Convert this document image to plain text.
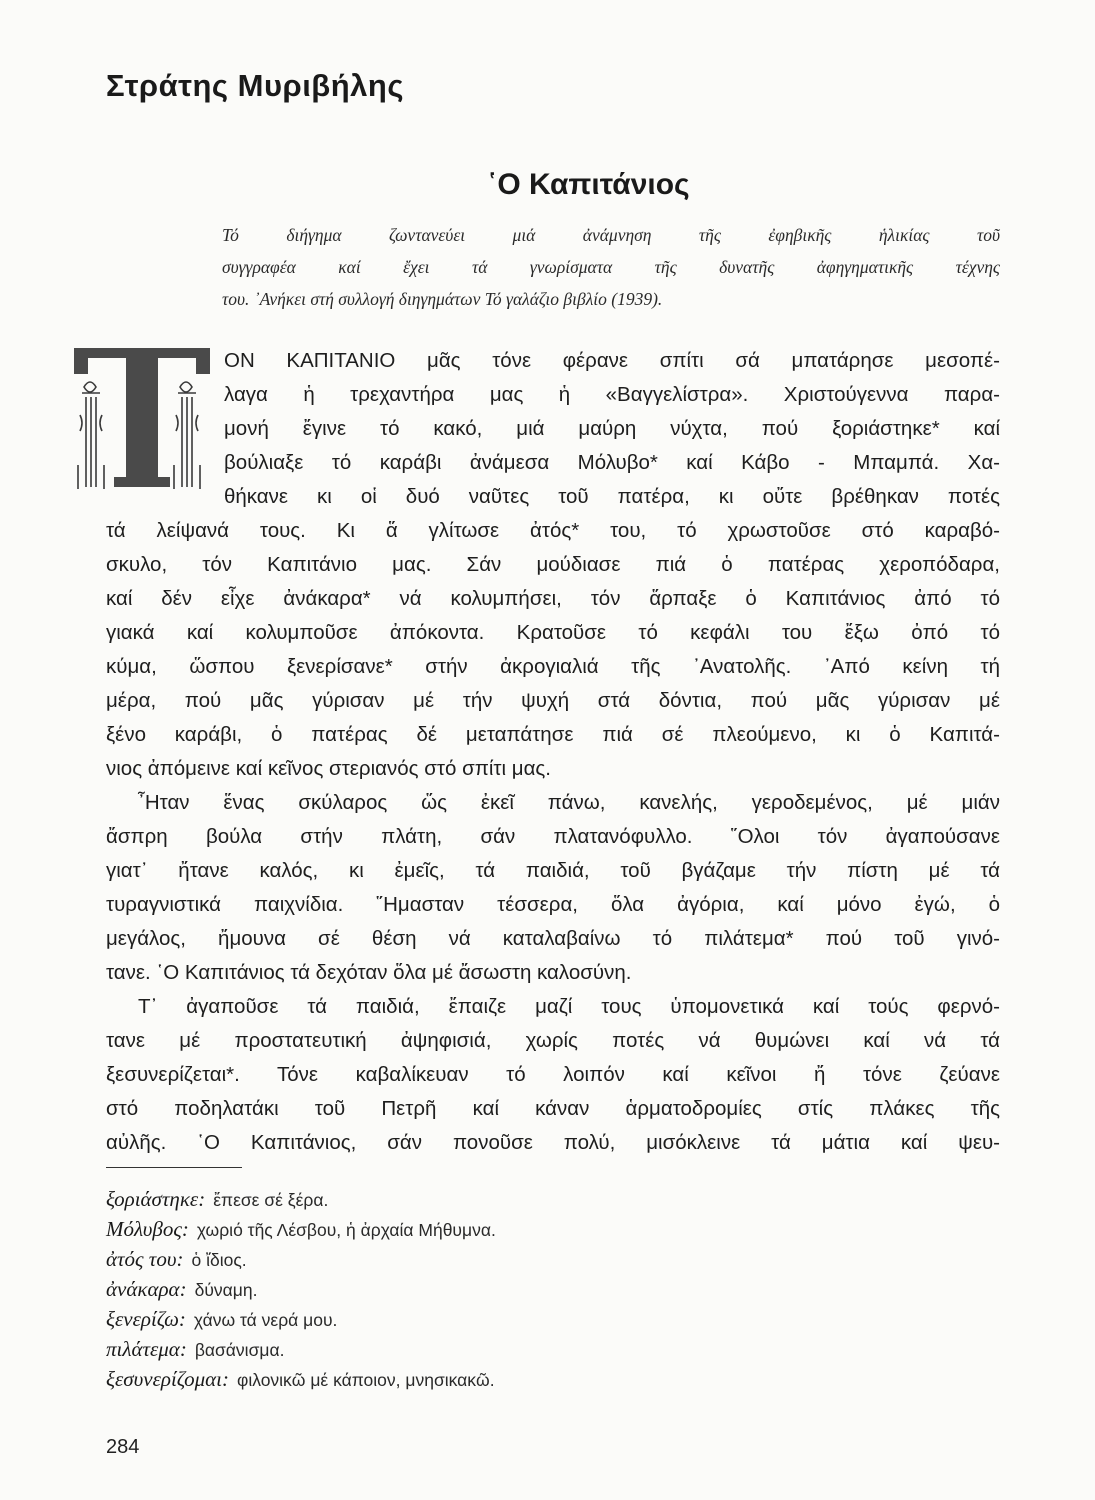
Στράτης Μυριβήλης
῾Ο Καπιτάνιος
Τό διήγημα ζωντανεύει μιά ἀνάμνηση τῆς ἐφηβικῆς ἡλικίας τοῦ
συγγραφέα καί ἔχει τά γνωρίσματα τῆς δυνατῆς ἀφηγηματικῆς τέχνης
του. ᾽Ανήκει στή συλλογή διηγημάτων Τό γαλάζιο βιβλίο (1939).
ΟΝ ΚΑΠΙΤΑΝΙΟ μᾶς τόνε φέρανε σπίτι σά μπατάρησε μεσοπέ-
λαγα ἡ τρεχαντήρα μας ἡ «Βαγγελίστρα». Χριστούγεννα παρα-
μονή ἔγινε τό κακό, μιά μαύρη νύχτα, πού ξοριάστηκε* καί
βούλιαξε τό καράβι ἀνάμεσα Μόλυβο* καί Κάβο - Μπαμπά. Χα-
θήκανε κι οἱ δυό ναῦτες τοῦ πατέρα, κι οὔτε βρέθηκαν ποτές
τά λείψανά τους. Κι ἅ γλίτωσε ἀτός* του, τό χρωστοῦσε στό καραβό-
σκυλο, τόν Καπιτάνιο μας. Σάν μούδιασε πιά ὁ πατέρας χεροπόδαρα,
καί δέν εἶχε ἀνάκαρα* νά κολυμπήσει, τόν ἅρπαξε ὁ Καπιτάνιος ἀπό τό
γιακά καί κολυμποῦσε ἀπόκοντα. Κρατοῦσε τό κεφάλι του ἔξω ὀπό τό
κύμα, ὥσπου ξενερίσανε* στήν ἀκρογιαλιά τῆς ᾽Ανατολῆς. ᾽Από κείνη τή
μέρα, πού μᾶς γύρισαν μέ τήν ψυχή στά δόντια, πού μᾶς γύρισαν μέ
ξένο καράβι, ὁ πατέρας δέ μεταπάτησε πιά σέ πλεούμενο, κι ὁ Καπιτά-
νιος ἀπόμεινε καί κεῖνος στεριανός στό σπίτι μας.
῏Ηταν ἕνας σκύλαρος ὥς ἐκεῖ πάνω, κανελής, γεροδεμένος, μέ μιάν
ἄσπρη βούλα στήν πλάτη, σάν πλατανόφυλλο. ῞Ολοι τόν ἀγαπούσανε
γιατ᾽ ἤτανε καλός, κι ἐμεῖς, τά παιδιά, τοῦ βγάζαμε τήν πίστη μέ τά
τυραγνιστικά παιχνίδια. ῞Ημασταν τέσσερα, ὅλα ἀγόρια, καί μόνο ἐγώ, ὁ
μεγάλος, ἤμουνα σέ θέση νά καταλαβαίνω τό πιλάτεμα* πού τοῦ γινό-
τανε. ῾Ο Καπιτάνιος τά δεχόταν ὅλα μέ ἄσωστη καλοσύνη.
Τ᾽ ἀγαποῦσε τά παιδιά, ἔπαιζε μαζί τους ὑπομονετικά καί τούς φερνό-
τανε μέ προστατευτική ἀψηφισιά, χωρίς ποτές νά θυμώνει καί νά τά
ξεσυνερίζεται*. Τόνε καβαλίκευαν τό λοιπόν καί κεῖνοι ἤ τόνε ζεύανε
στό ποδηλατάκι τοῦ Πετρῆ καί κάναν ἁρματοδρομίες στίς πλάκες τῆς
αὐλῆς. ῾Ο Καπιτάνιος, σάν πονοῦσε πολύ, μισόκλεινε τά μάτια καί ψευ-
ξοριάστηκε: ἔπεσε σέ ξέρα.
Μόλυβος: χωριό τῆς Λέσβου, ἡ ἀρχαία Μήθυμνα.
ἀτός του: ὁ ἴδιος.
ἀνάκαρα: δύναμη.
ξενερίζω: χάνω τά νερά μου.
πιλάτεμα: βασάνισμα.
ξεσυνερίζομαι: φιλονικῶ μέ κάποιον, μνησικακῶ.
284
